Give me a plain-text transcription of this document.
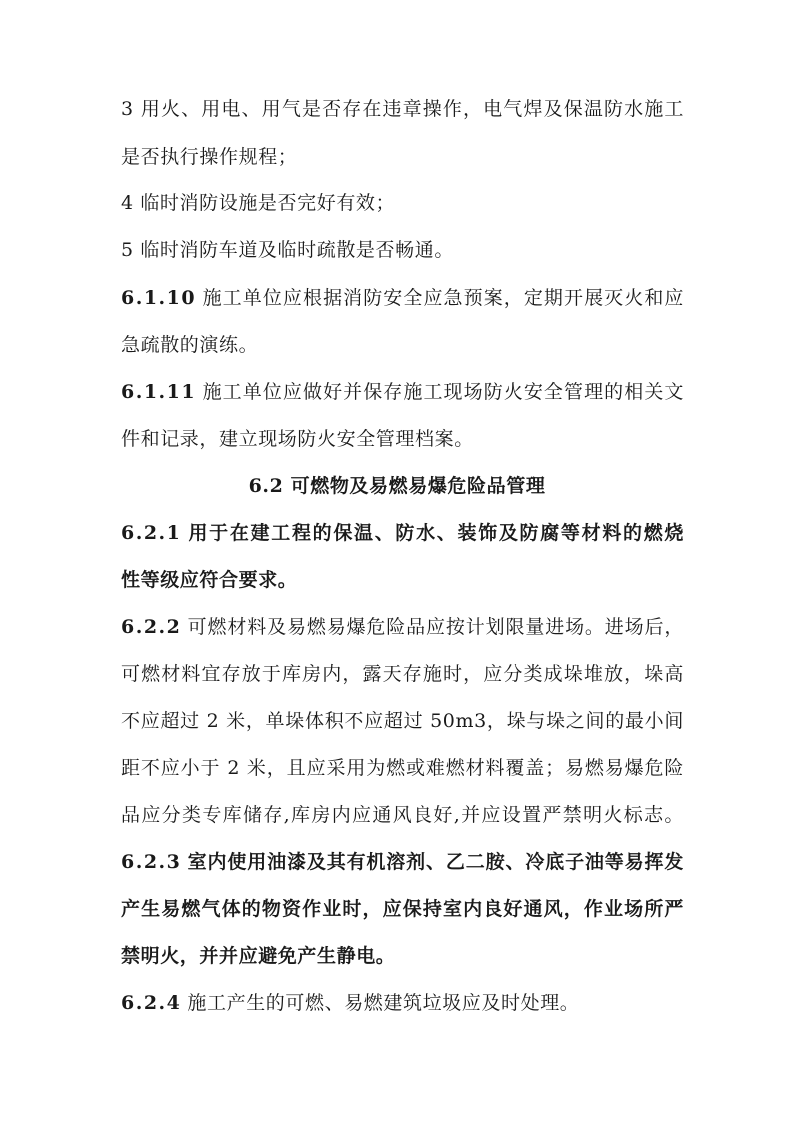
3 用火、用电、用气是否存在违章操作，电气焊及保温防水施工
是否执行操作规程；
4 临时消防设施是否完好有效；
5 临时消防车道及临时疏散是否畅通。
6.1.10 施工单位应根据消防安全应急预案，定期开展灭火和应
急疏散的演练。
6.1.11 施工单位应做好并保存施工现场防火安全管理的相关文
件和记录，建立现场防火安全管理档案。
6.2 可燃物及易燃易爆危险品管理
6.2.1 用于在建工程的保温、防水、装饰及防腐等材料的燃烧
性等级应符合要求。
6.2.2 可燃材料及易燃易爆危险品应按计划限量进场。进场后，
可燃材料宜存放于库房内，露天存施时，应分类成垛堆放，垛高
不应超过 2 米，单垛体积不应超过 50m3，垛与垛之间的最小间
距不应小于 2 米，且应采用为燃或难燃材料覆盖；易燃易爆危险
品应分类专库储存,库房内应通风良好,并应设置严禁明火标志。
6.2.3 室内使用油漆及其有机溶剂、乙二胺、冷底子油等易挥发
产生易燃气体的物资作业时，应保持室内良好通风，作业场所严
禁明火，并并应避免产生静电。
6.2.4 施工产生的可燃、易燃建筑垃圾应及时处理。
